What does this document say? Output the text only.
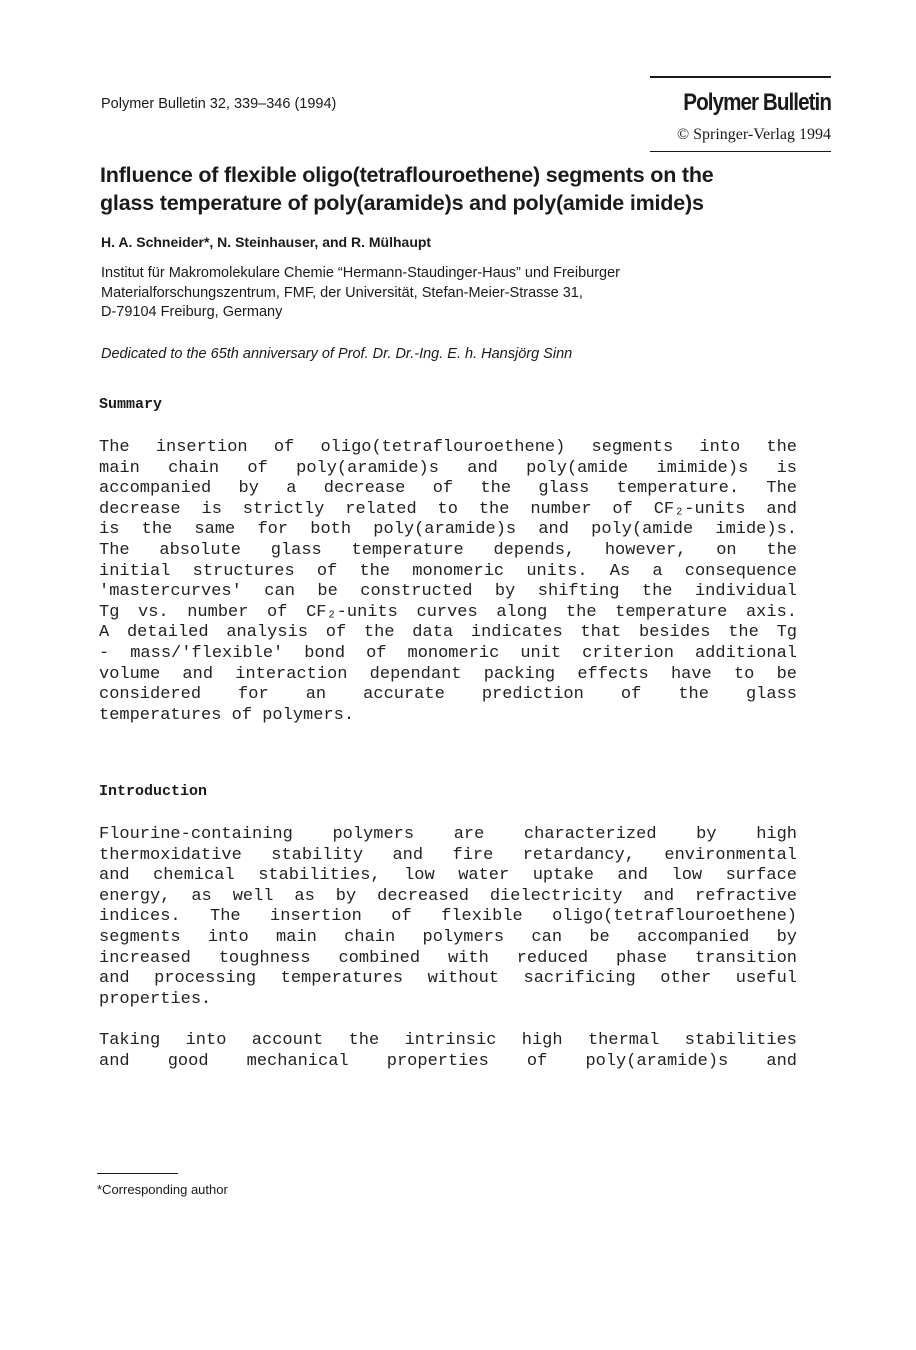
Polymer Bulletin 32, 339–346 (1994)	Polymer Bulletin
© Springer-Verlag 1994
Influence of flexible oligo(tetraflouroethene) segments on the
glass temperature of poly(aramide)s and poly(amide imide)s
H. A. Schneider*, N. Steinhauser, and R. Mülhaupt
Institut für Makromolekulare Chemie “Hermann-Staudinger-Haus” und Freiburger
Materialforschungszentrum, FMF, der Universität, Stefan-Meier-Strasse 31,
D-79104 Freiburg, Germany
Dedicated to the 65th anniversary of Prof. Dr. Dr.-Ing. E. h. Hansjörg Sinn
Summary
The insertion of oligo(tetraflouroethene) segments into the
main chain of poly(aramide)s and poly(amide imimide)s is
accompanied by a decrease of the glass temperature. The
decrease is strictly related to the number of CF₂-units and
is the same for both poly(aramide)s and poly(amide imide)s.
The absolute glass temperature depends, however, on the
initial structures of the monomeric units. As a consequence
'mastercurves' can be constructed by shifting the individual
Tg vs. number of CF₂-units curves along the temperature axis.
A detailed analysis of the data indicates that besides the Tg
- mass/'flexible' bond of monomeric unit criterion additional
volume and interaction dependant packing effects have to be
considered for an accurate prediction of the glass
temperatures of polymers.
Introduction
Flourine-containing polymers are characterized by high
thermoxidative stability and fire retardancy, environmental
and chemical stabilities, low water uptake and low surface
energy, as well as by decreased dielectricity and refractive
indices. The insertion of flexible oligo(tetraflouroethene)
segments into main chain polymers can be accompanied by
increased toughness combined with reduced phase transition
and processing temperatures without sacrificing other useful
properties.
Taking into account the intrinsic high thermal stabilities
and good mechanical properties of poly(aramide)s and
*Corresponding author
